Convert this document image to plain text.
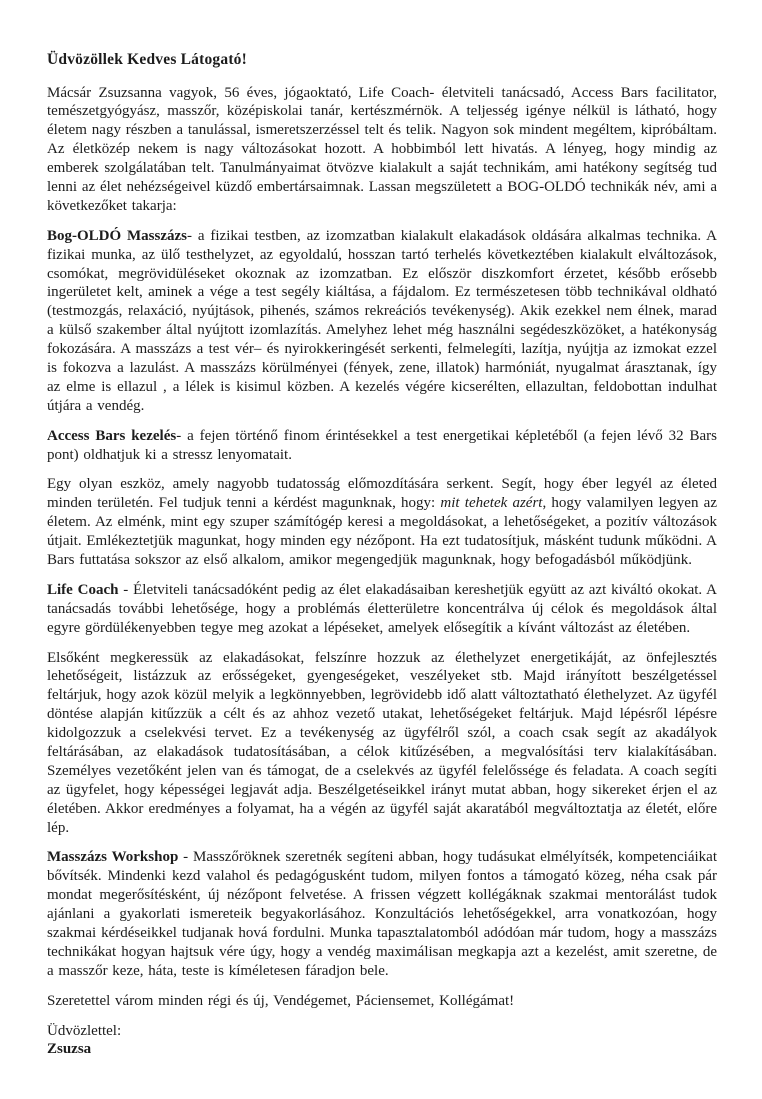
Üdvözöllek Kedves Látogató!

Mácsár Zsuzsanna vagyok, 56 éves, jógaoktató, Life Coach- életviteli tanácsadó, Access Bars facilitator, temészetgyógyász, masszőr, középiskolai tanár, kertészmérnök. A teljesség igénye nélkül is látható, hogy életem nagy részben a tanulással, ismeretszerzéssel telt és telik. Nagyon sok mindent megéltem, kipróbáltam. Az életközép nekem is nagy változásokat hozott. A hobbimból lett hivatás. A lényeg, hogy mindig az emberek szolgálatában telt. Tanulmányaimat ötvözve kialakult a saját technikám, ami hatékony segítség tud lenni az élet nehézségeivel küzdő embertársaimnak. Lassan megszületett a BOG-OLDÓ technikák név, ami a következőket takarja:

Bog-OLDÓ Masszázs- a fizikai testben, az izomzatban kialakult elakadások oldására alkalmas technika. A fizikai munka, az ülő testhelyzet, az egyoldalú, hosszan tartó terhelés következtében kialakult elváltozások, csomókat, megrövidüléseket okoznak az izomzatban. Ez először diszkomfort érzetet, később erősebb ingerületet kelt, aminek a vége a test segély kiáltása, a fájdalom. Ez természetesen több technikával oldható (testmozgás, relaxáció, nyújtások, pihenés, számos rekreációs tevékenység). Akik ezekkel nem élnek, marad a külső szakember által nyújtott izomlazítás. Amelyhez lehet még használni segédeszközöket, a hatékonyság fokozására. A masszázs a test vér– és nyirokkeringését serkenti, felmelegíti, lazítja, nyújtja az izmokat ezzel is fokozva a lazulást. A masszázs körülményei (fények, zene, illatok) harmóniát, nyugalmat árasztanak, így az elme is ellazul , a lélek is kisimul közben. A kezelés végére kicserélten, ellazultan, feldobottan indulhat útjára a vendég.

Access Bars kezelés- a fejen történő finom érintésekkel a test energetikai képletéből (a fejen lévő 32 Bars pont) oldhatjuk ki a stressz lenyomatait.

Egy olyan eszköz, amely nagyobb tudatosság előmozdítására serkent. Segít, hogy éber legyél az életed minden területén. Fel tudjuk tenni a kérdést magunknak, hogy: mit tehetek azért, hogy valamilyen legyen az életem. Az elménk, mint egy szuper számítógép keresi a megoldásokat, a lehetőségeket, a pozitív változások útjait. Emlékeztetjük magunkat, hogy minden egy nézőpont. Ha ezt tudatosítjuk, másként tudunk működni. A Bars futtatása sokszor az első alkalom, amikor megengedjük magunknak, hogy befogadásból működjünk.

Life Coach - Életviteli tanácsadóként pedig az élet elakadásaiban kereshetjük együtt az azt kiváltó okokat. A tanácsadás további lehetősége, hogy a problémás életterületre koncentrálva új célok és megoldások által egyre gördülékenyebben tegye meg azokat a lépéseket, amelyek elősegítik a kívánt változást az életében.

Elsőként megkeressük az elakadásokat, felszínre hozzuk az élethelyzet energetikáját, az önfejlesztés lehetőségeit, listázzuk az erősségeket, gyengeségeket, veszélyeket stb. Majd irányított beszélgetéssel feltárjuk, hogy azok közül melyik a legkönnyebben, legrövidebb idő alatt változtatható élethelyzet. Az ügyfél döntése alapján kitűzzük a célt és az ahhoz vezető utakat, lehetőségeket feltárjuk. Majd lépésről lépésre kidolgozzuk a cselekvési tervet. Ez a tevékenység az ügyfélről szól, a coach csak segít az akadályok feltárásában, az elakadások tudatosításában, a célok kitűzésében, a megvalósítási terv kialakításában. Személyes vezetőként jelen van és támogat, de a cselekvés az ügyfél felelőssége és feladata. A coach segíti az ügyfelet, hogy képességei legjavát adja. Beszélgetéseikkel irányt mutat abban, hogy sikereket érjen el az életében. Akkor eredményes a folyamat, ha a végén az ügyfél saját akaratából megváltoztatja az életét, előre lép.

Masszázs Workshop - Masszőröknek szeretnék segíteni abban, hogy tudásukat elmélyítsék, kompetenciáikat bővítsék. Mindenki kezd valahol és pedagógusként tudom, milyen fontos a támogató közeg, néha csak pár mondat megerősítésként, új nézőpont felvetése. A frissen végzett kollégáknak szakmai mentorálást tudok ajánlani a gyakorlati ismereteik begyakorlásához. Konzultációs lehetőségekkel, arra vonatkozóan, hogy szakmai kérdéseikkel tudjanak hová fordulni. Munka tapasztalatomból adódóan már tudom, hogy a masszázs technikákat hogyan hajtsuk vére úgy, hogy a vendég maximálisan megkapja azt a kezelést, amit szeretne, de a masszőr keze, háta, teste is kíméletesen fáradjon bele.

Szeretettel várom minden régi és új, Vendégemet, Páciensemet, Kollégámat!

Üdvözlettel:

Zsuzsa
